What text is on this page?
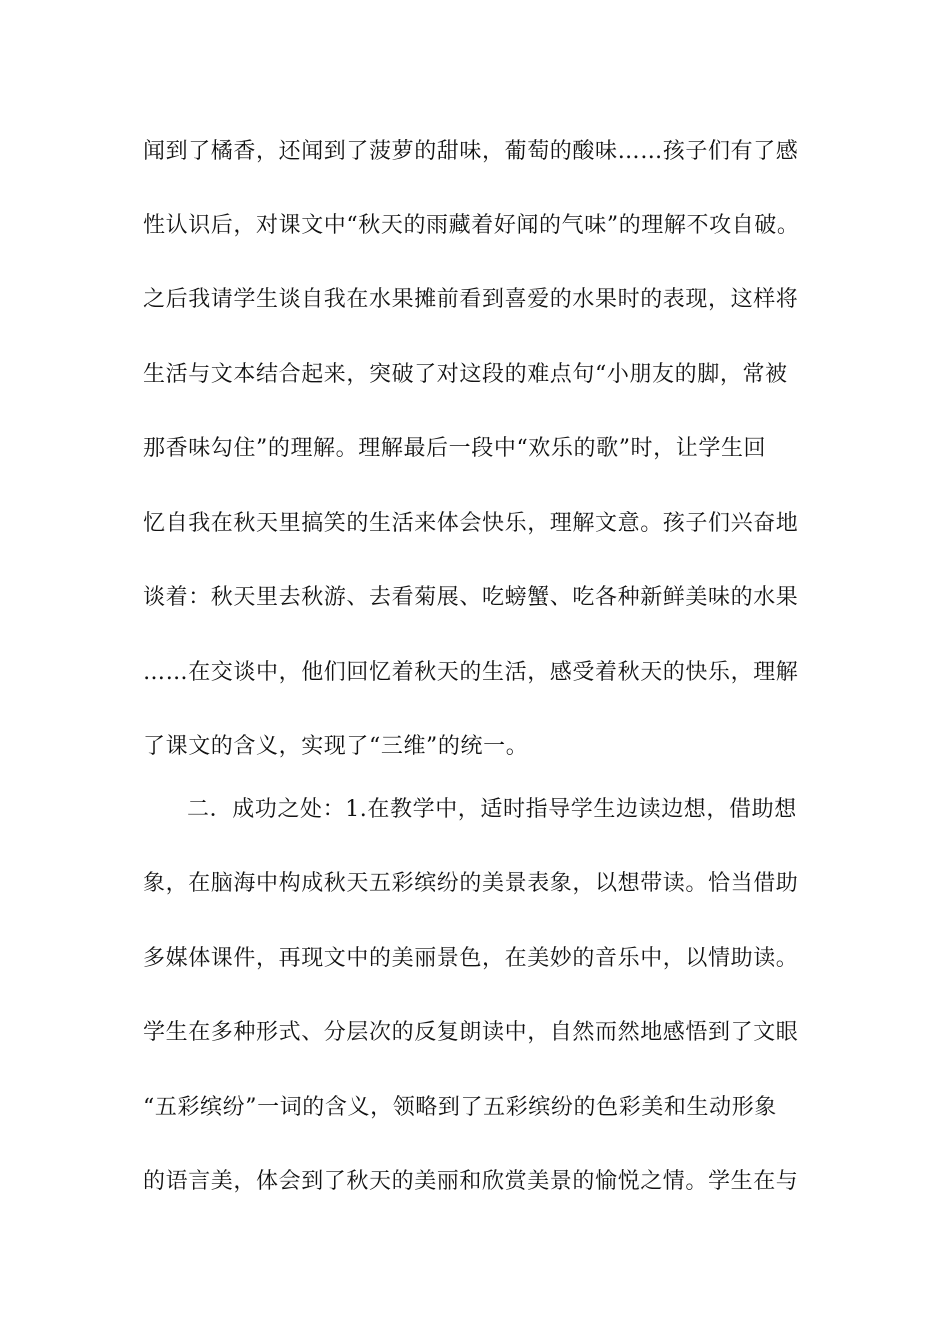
闻到了橘香，还闻到了菠萝的甜味，葡萄的酸味……孩子们有了感
性认识后，对课文中“秋天的雨藏着好闻的气味”的理解不攻自破。
之后我请学生谈自我在水果摊前看到喜爱的水果时的表现，这样将
生活与文本结合起来，突破了对这段的难点句“小朋友的脚，常被
那香味勾住”的理解。理解最后一段中“欢乐的歌”时，让学生回
忆自我在秋天里搞笑的生活来体会快乐，理解文意。孩子们兴奋地
谈着：秋天里去秋游、去看菊展、吃螃蟹、吃各种新鲜美味的水果
……在交谈中，他们回忆着秋天的生活，感受着秋天的快乐，理解
了课文的含义，实现了“三维”的统一。
二．成功之处：1.在教学中，适时指导学生边读边想，借助想
象，在脑海中构成秋天五彩缤纷的美景表象，以想带读。恰当借助
多媒体课件，再现文中的美丽景色，在美妙的音乐中，以情助读。
学生在多种形式、分层次的反复朗读中，自然而然地感悟到了文眼
“五彩缤纷”一词的含义，领略到了五彩缤纷的色彩美和生动形象
的语言美，体会到了秋天的美丽和欣赏美景的愉悦之情。学生在与
